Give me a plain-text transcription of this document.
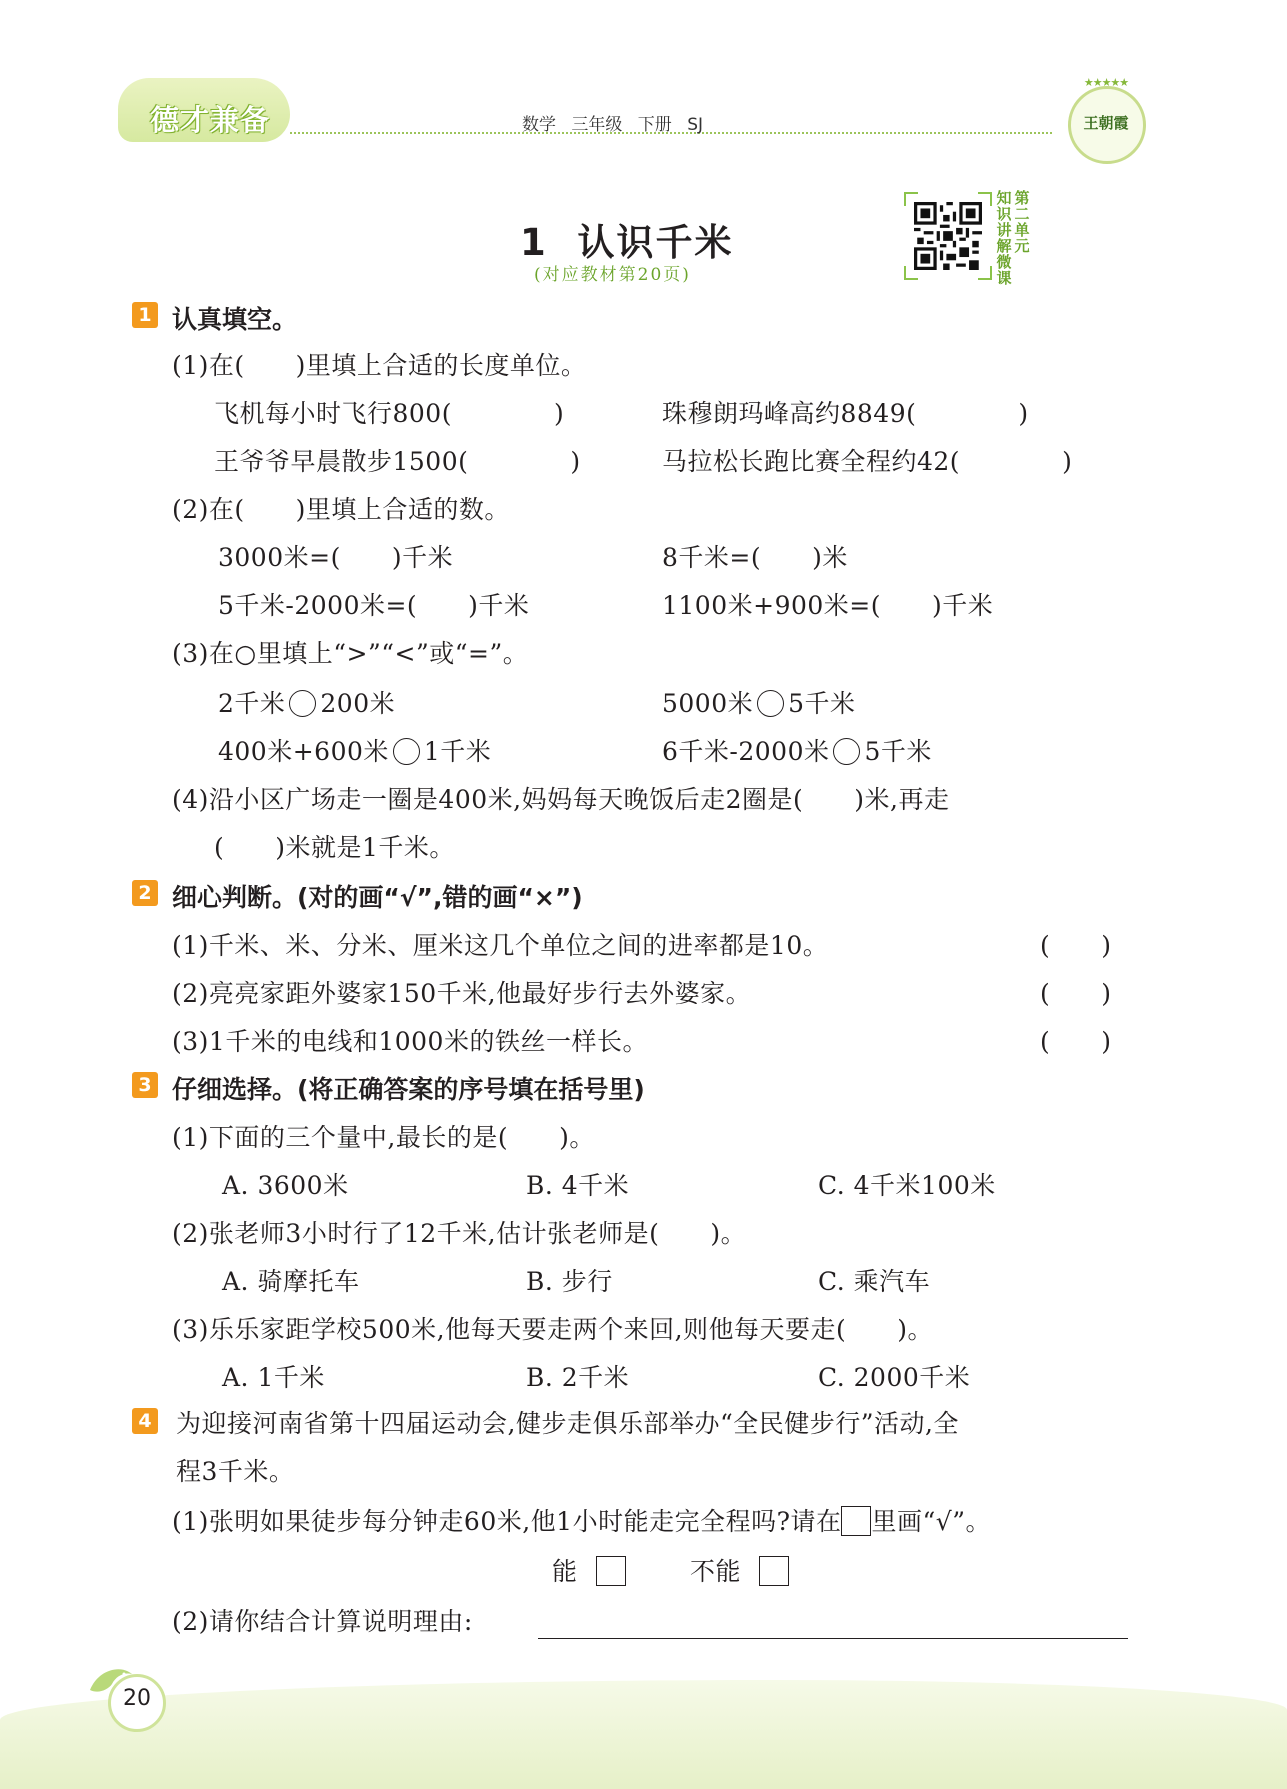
德才兼备	数学 三年级 下册 SJ
★★★★★
王朝霞
1  认识千米
(对应教材第20页)
知识讲解微课
第二单元
1 认真填空。
(1)在(　　)里填上合适的长度单位。
飞机每小时飞行800(　　　　)	珠穆朗玛峰高约8849(　　　　)
王爷爷早晨散步1500(　　　　)	马拉松长跑比赛全程约42(　　　　)
(2)在(　　)里填上合适的数。
3000米=(　　)千米	8千米=(　　)米
5千米-2000米=(　　)千米	1100米+900米=(　　)千米
(3)在○里填上“>”“<”或“=”。
2千米 200米	5000米 5千米
400米+600米 1千米	6千米-2000米 5千米
(4)沿小区广场走一圈是400米,妈妈每天晚饭后走2圈是(　　)米,再走
(　　)米就是1千米。
2 细心判断。(对的画“√”,错的画“×”)
(1)千米、米、分米、厘米这几个单位之间的进率都是10。	(　　)
(2)亮亮家距外婆家150千米,他最好步行去外婆家。	(　　)
(3)1千米的电线和1000米的铁丝一样长。	(　　)
3 仔细选择。(将正确答案的序号填在括号里)
(1)下面的三个量中,最长的是(　　)。
A. 3600米	B. 4千米	C. 4千米100米
(2)张老师3小时行了12千米,估计张老师是(　　)。
A. 骑摩托车	B. 步行	C. 乘汽车
(3)乐乐家距学校500米,他每天要走两个来回,则他每天要走(　　)。
A. 1千米	B. 2千米	C. 2000千米
4 为迎接河南省第十四届运动会,健步走俱乐部举办“全民健步行”活动,全
程3千米。
(1)张明如果徒步每分钟走60米,他1小时能走完全程吗?请在 里画“√”。
能	不能
(2)请你结合计算说明理由:
20
